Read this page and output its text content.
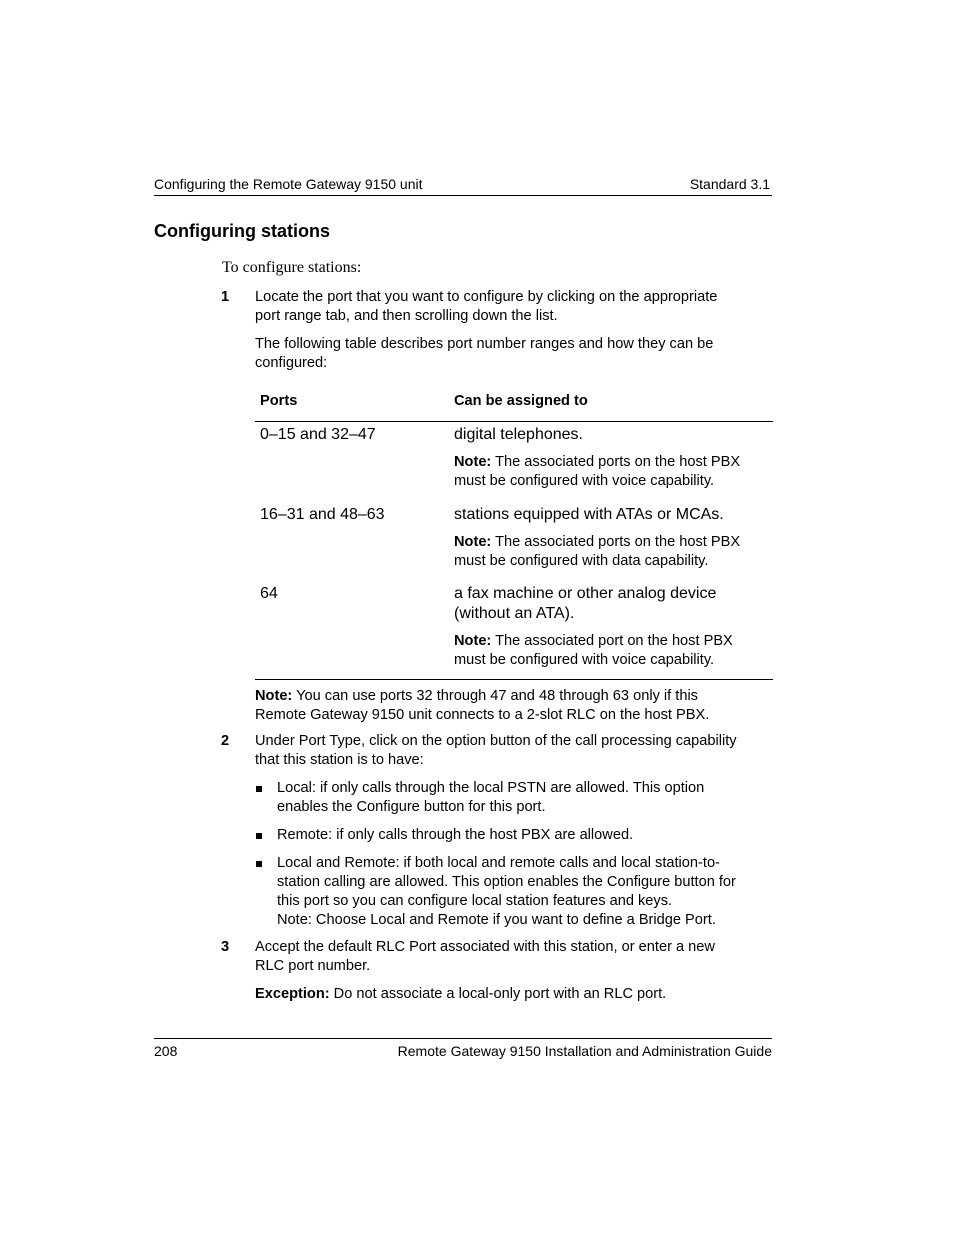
Configuring the Remote Gateway 9150 unit	Standard 3.1
Configuring stations
To configure stations:
1 Locate the port that you want to configure by clicking on the appropriate
port range tab, and then scrolling down the list.
The following table describes port number ranges and how they can be
configured:
Ports	Can be assigned to
0–15 and 32–47	digital telephones.
Note: The associated ports on the host PBX
must be configured with voice capability.
16–31 and 48–63	stations equipped with ATAs or MCAs.
Note: The associated ports on the host PBX
must be configured with data capability.
64	a fax machine or other analog device
(without an ATA).
Note: The associated port on the host PBX
must be configured with voice capability.
Note: You can use ports 32 through 47 and 48 through 63 only if this
Remote Gateway 9150 unit connects to a 2-slot RLC on the host PBX.
2 Under Port Type, click on the option button of the call processing capability
that this station is to have:
Local: if only calls through the local PSTN are allowed. This option
enables the Configure button for this port.
Remote: if only calls through the host PBX are allowed.
Local and Remote: if both local and remote calls and local station-to-
station calling are allowed. This option enables the Configure button for
this port so you can configure local station features and keys.
Note: Choose Local and Remote if you want to define a Bridge Port.
3 Accept the default RLC Port associated with this station, or enter a new
RLC port number.
Exception: Do not associate a local-only port with an RLC port.
208	Remote Gateway 9150 Installation and Administration Guide
